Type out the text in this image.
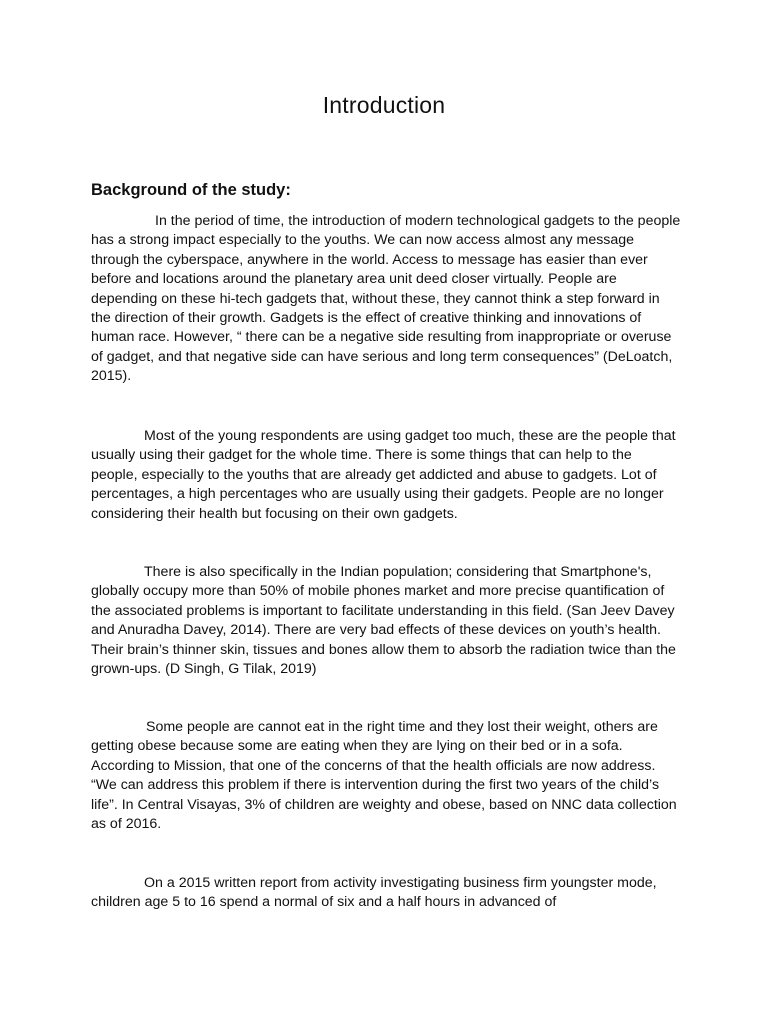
Introduction
Background of the study:

In the period of time, the introduction of modern technological gadgets to the people has a strong impact especially to the youths. We can now access almost any message through the cyberspace, anywhere in the world. Access to message has easier than ever before and locations around the planetary area unit deed closer virtually. People are depending on these hi-tech gadgets that, without these, they cannot think a step forward in the direction of their growth. Gadgets is the effect of creative thinking and innovations of human race. However, “ there can be a negative side resulting from inappropriate or overuse of gadget, and that negative side can have serious and long term consequences” (DeLoatch, 2015).

Most of the young respondents are using gadget too much, these are the people that usually using their gadget for the whole time. There is some things that can help to the people, especially to the youths that are already get addicted and abuse to gadgets. Lot of percentages, a high percentages who are usually using their gadgets. People are no longer considering their health but focusing on their own gadgets.

There is also specifically in the Indian population; considering that Smartphone's, globally occupy more than 50% of mobile phones market and more precise quantification of the associated problems is important to facilitate understanding in this field. (San Jeev Davey and Anuradha Davey, 2014). There are very bad effects of these devices on youth’s health. Their brain’s thinner skin, tissues and bones allow them to absorb the radiation twice than the grown-ups. (D Singh, G Tilak, 2019)

Some people are cannot eat in the right time and they lost their weight, others are getting obese because some are eating when they are lying on their bed or in a sofa. According to Mission, that one of the concerns of that the health officials are now address. “We can address this problem if there is intervention during the first two years of the child’s life”. In Central Visayas, 3% of children are weighty and obese, based on NNC data collection as of 2016.

On a 2015 written report from activity investigating business firm youngster mode, children age 5 to 16 spend a normal of six and a half hours in advanced of
